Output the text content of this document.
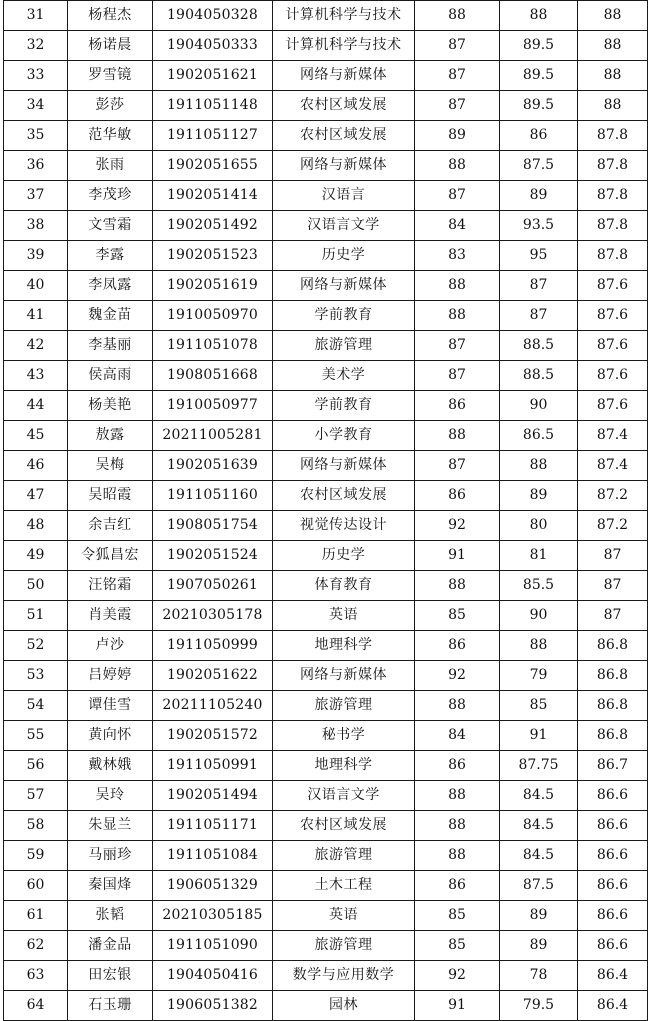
31	杨程杰	1904050328	计算机科学与技术	88	88	88
32	杨诺晨	1904050333	计算机科学与技术	87	89.5	88
33	罗雪镜	1902051621	网络与新媒体	87	89.5	88
34	彭莎	1911051148	农村区域发展	87	89.5	88
35	范华敏	1911051127	农村区域发展	89	86	87.8
36	张雨	1902051655	网络与新媒体	88	87.5	87.8
37	李茂珍	1902051414	汉语言	87	89	87.8
38	文雪霜	1902051492	汉语言文学	84	93.5	87.8
39	李露	1902051523	历史学	83	95	87.8
40	李凤露	1902051619	网络与新媒体	88	87	87.6
41	魏金苗	1910050970	学前教育	88	87	87.6
42	李基丽	1911051078	旅游管理	87	88.5	87.6
43	侯高雨	1908051668	美术学	87	88.5	87.6
44	杨美艳	1910050977	学前教育	86	90	87.6
45	敖露	20211005281	小学教育	88	86.5	87.4
46	吴梅	1902051639	网络与新媒体	87	88	87.4
47	吴昭霞	1911051160	农村区域发展	86	89	87.2
48	余吉红	1908051754	视觉传达设计	92	80	87.2
49	令狐昌宏	1902051524	历史学	91	81	87
50	汪铭霜	1907050261	体育教育	88	85.5	87
51	肖美霞	20210305178	英语	85	90	87
52	卢沙	1911050999	地理科学	86	88	86.8
53	吕婷婷	1902051622	网络与新媒体	92	79	86.8
54	谭佳雪	20211105240	旅游管理	88	85	86.8
55	黄向怀	1902051572	秘书学	84	91	86.8
56	戴林娥	1911050991	地理科学	86	87.75	86.7
57	吴玲	1902051494	汉语言文学	88	84.5	86.6
58	朱显兰	1911051171	农村区域发展	88	84.5	86.6
59	马丽珍	1911051084	旅游管理	88	84.5	86.6
60	秦国烽	1906051329	土木工程	86	87.5	86.6
61	张韬	20210305185	英语	85	89	86.6
62	潘金品	1911051090	旅游管理	85	89	86.6
63	田宏银	1904050416	数学与应用数学	92	78	86.4
64	石玉珊	1906051382	园林	91	79.5	86.4
